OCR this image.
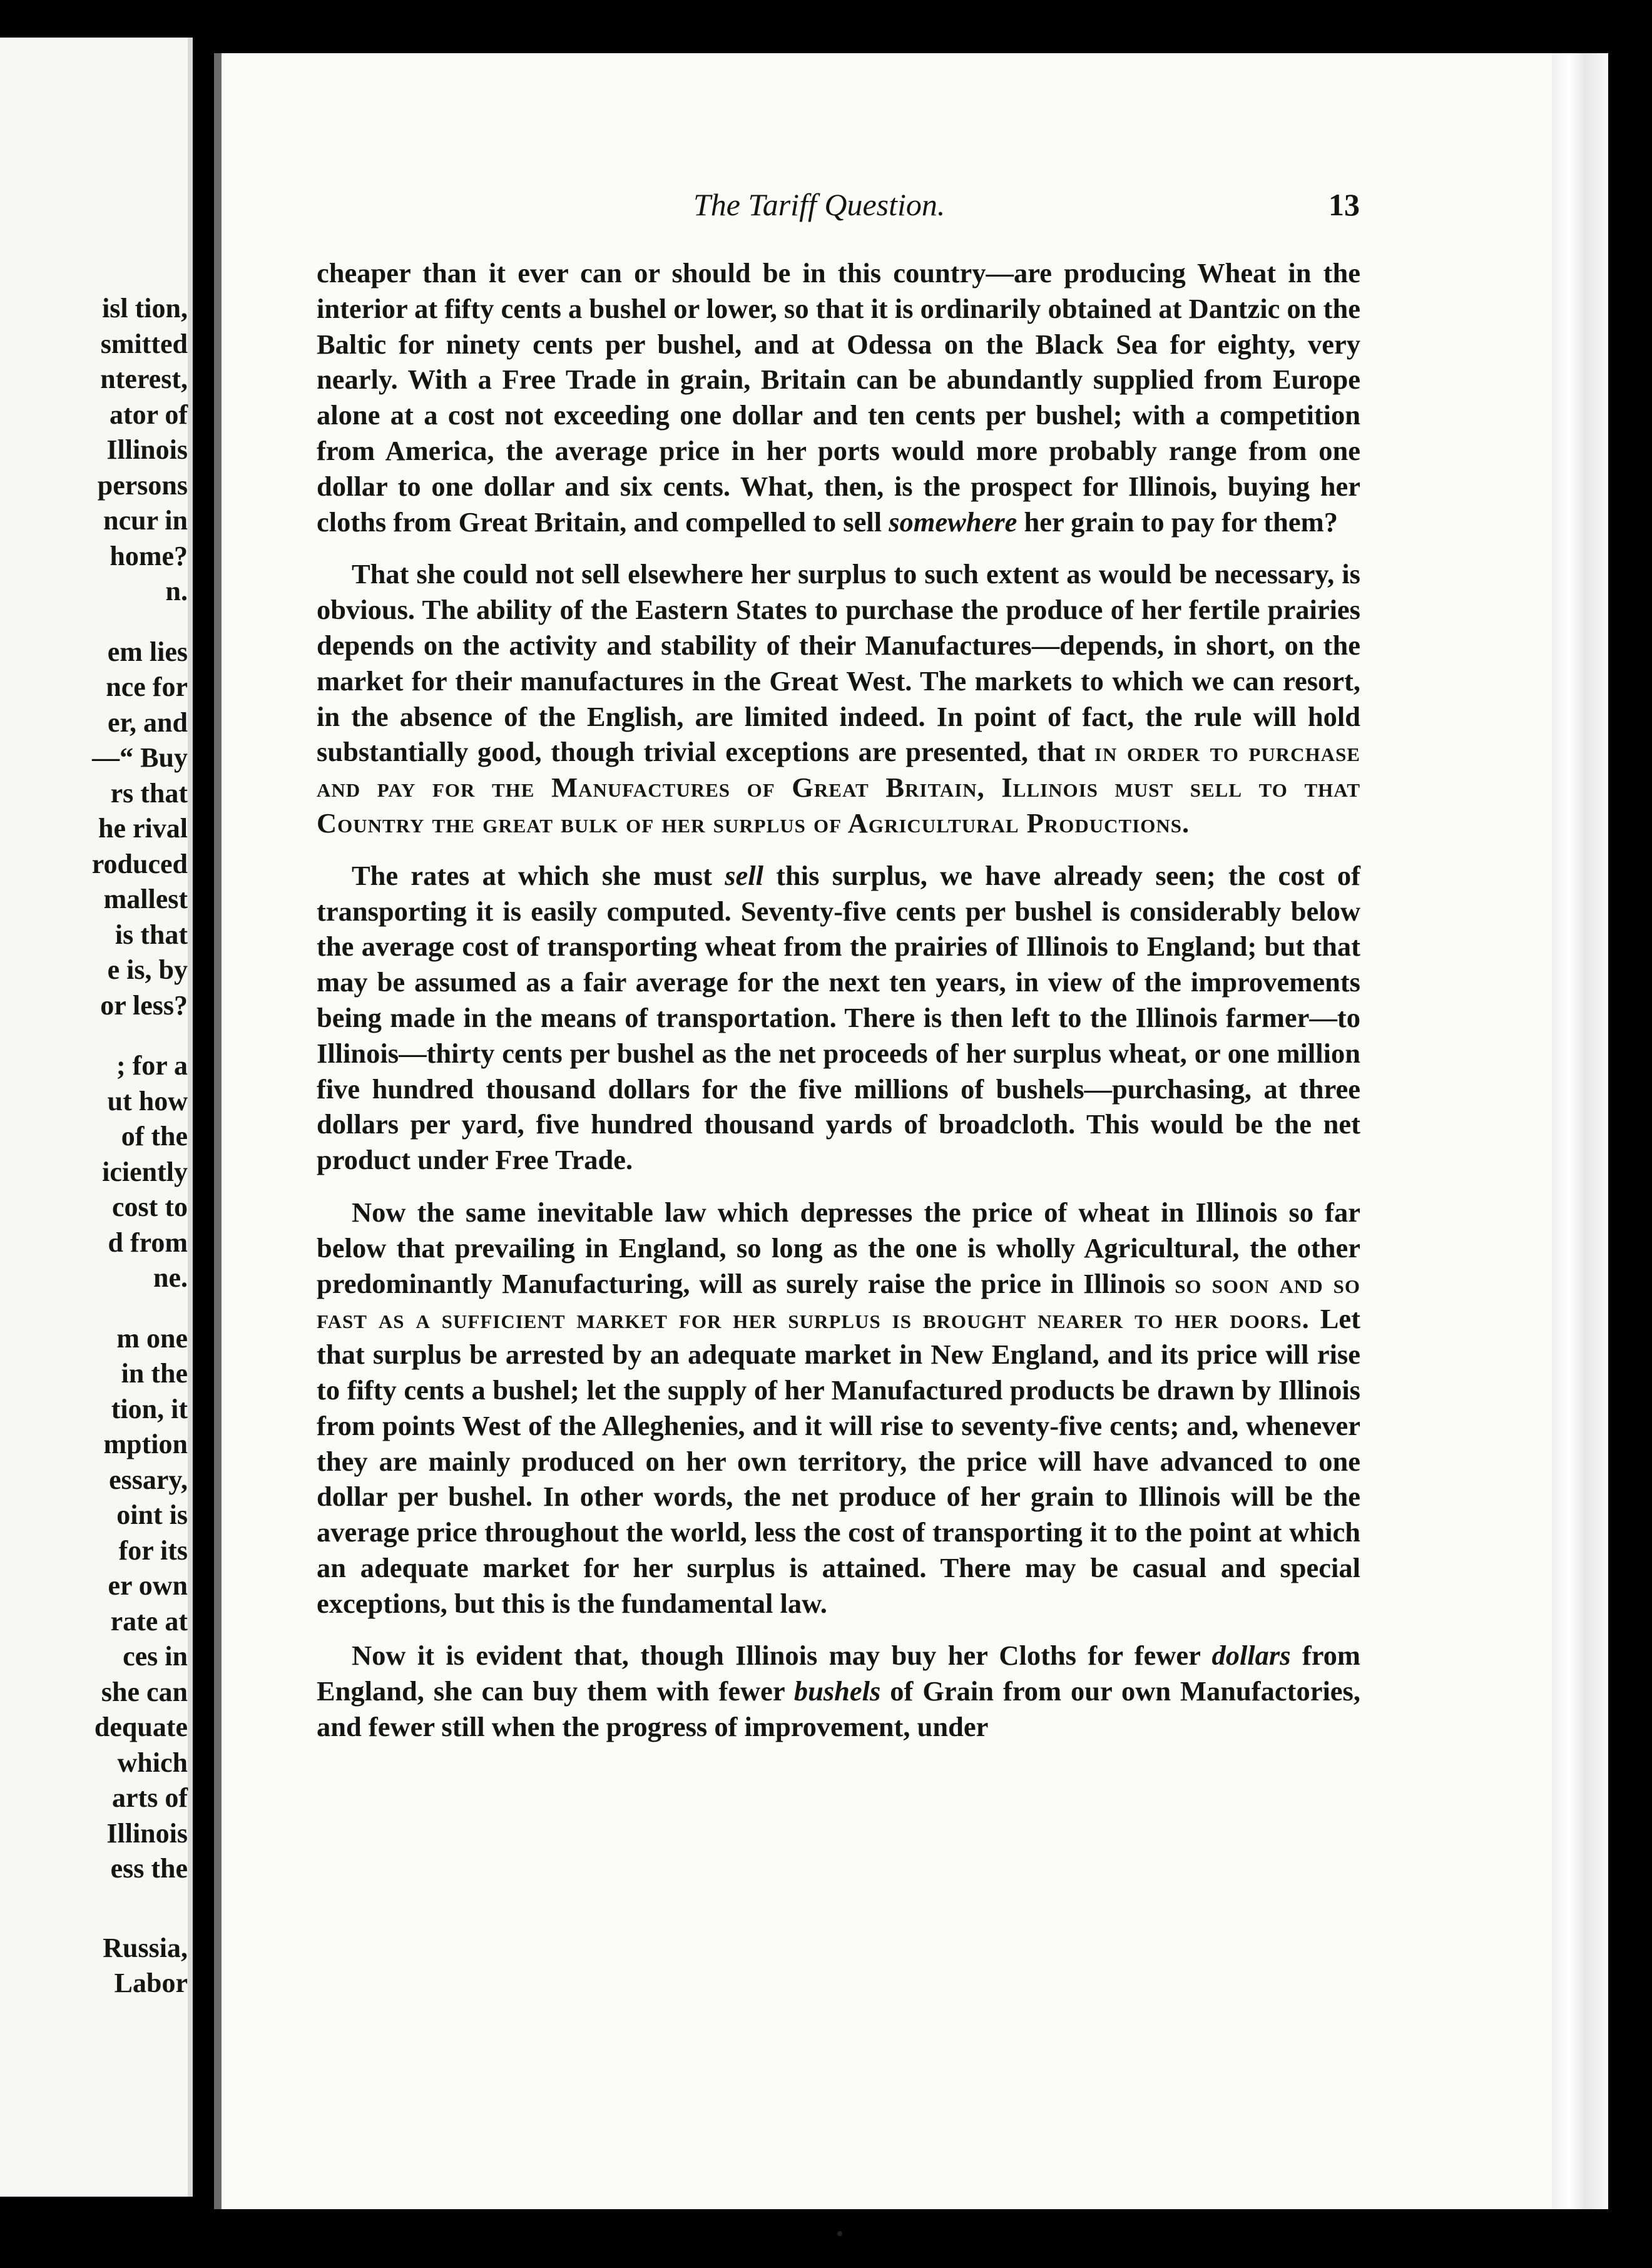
isl tion,
smitted
nterest,
ator of
Illinois
persons
ncur in
home?
n.
em lies
nce for
er, and
—“ Buy
rs that
he rival
roduced
mallest
is that
e is, by
or less?
; for a
ut how
of the
iciently
cost to
d from
ne.
m one
in the
tion, it
mption
essary,
oint is
for its
er own
rate at
ces in
she can
dequate
which
arts of
Illinois
ess the
Russia,
Labor
The Tariff Question.	13

cheaper than it ever can or should be in this country—are producing Wheat in the interior at fifty cents a bushel or lower, so that it is ordinarily obtained at Dantzic on the Baltic for ninety cents per bushel, and at Odessa on the Black Sea for eighty, very nearly. With a Free Trade in grain, Britain can be abundantly supplied from Europe alone at a cost not exceeding one dollar and ten cents per bushel; with a competition from America, the average price in her ports would more probably range from one dollar to one dollar and six cents. What, then, is the prospect for Illinois, buying her cloths from Great Britain, and compelled to sell somewhere her grain to pay for them?

That she could not sell elsewhere her surplus to such extent as would be necessary, is obvious. The ability of the Eastern States to purchase the produce of her fertile prairies depends on the activity and stability of their Manufactures—depends, in short, on the market for their manufactures in the Great West. The markets to which we can resort, in the absence of the English, are limited indeed. In point of fact, the rule will hold substantially good, though trivial exceptions are presented, that in order to purchase and pay for the Manufactures of Great Britain, Illinois must sell to that Country the great bulk of her surplus of Agricultural Productions.

The rates at which she must sell this surplus, we have already seen; the cost of transporting it is easily computed. Seventy-five cents per bushel is considerably below the average cost of transporting wheat from the prairies of Illinois to England; but that may be assumed as a fair average for the next ten years, in view of the improvements being made in the means of transportation. There is then left to the Illinois farmer—to Illinois—thirty cents per bushel as the net proceeds of her surplus wheat, or one million five hundred thousand dollars for the five millions of bushels—purchasing, at three dollars per yard, five hundred thousand yards of broadcloth. This would be the net product under Free Trade.

Now the same inevitable law which depresses the price of wheat in Illinois so far below that prevailing in England, so long as the one is wholly Agricultural, the other predominantly Manufacturing, will as surely raise the price in Illinois so soon and so fast as a sufficient market for her surplus is brought nearer to her doors. Let that surplus be arrested by an adequate market in New England, and its price will rise to fifty cents a bushel; let the supply of her Manufactured products be drawn by Illinois from points West of the Alleghenies, and it will rise to seventy-five cents; and, whenever they are mainly produced on her own territory, the price will have advanced to one dollar per bushel. In other words, the net produce of her grain to Illinois will be the average price throughout the world, less the cost of transporting it to the point at which an adequate market for her surplus is attained. There may be casual and special exceptions, but this is the fundamental law.

Now it is evident that, though Illinois may buy her Cloths for fewer dollars from England, she can buy them with fewer bushels of Grain from our own Manufactories, and fewer still when the progress of improvement, under
